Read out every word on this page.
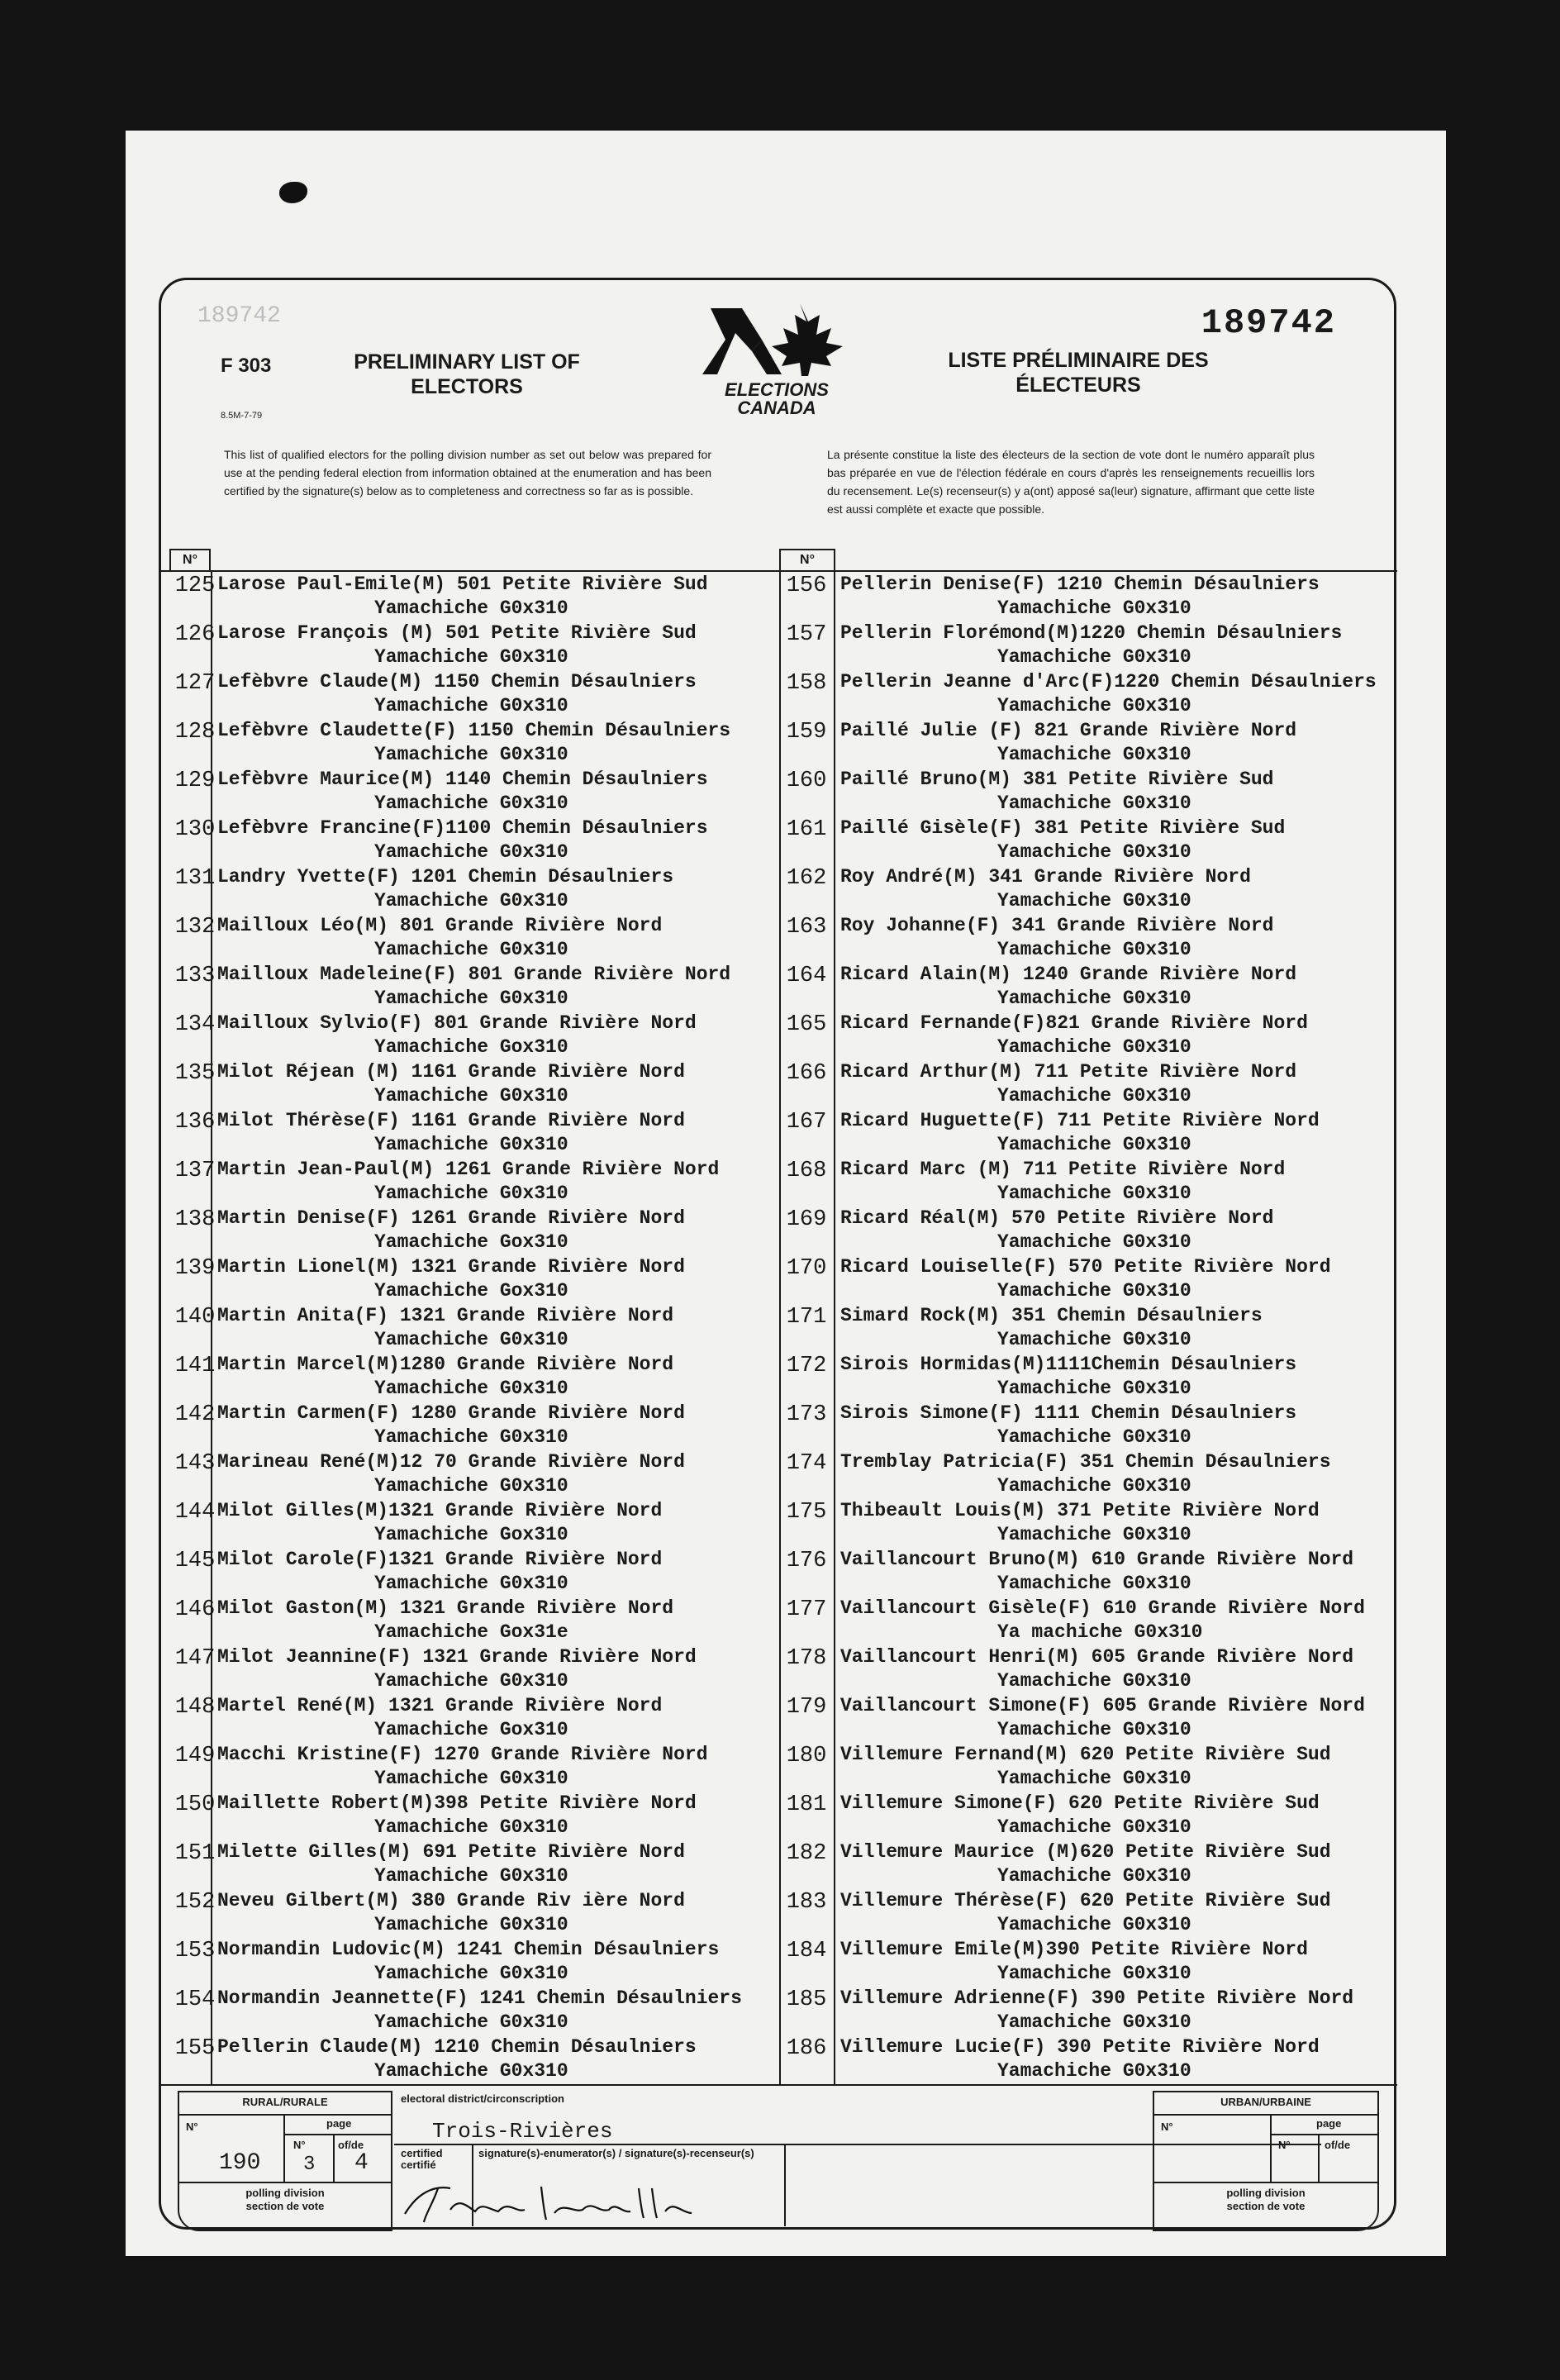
189742	189742
F 303
8.5M-7-79
PRELIMINARY LIST OF
ELECTORS	ELECTIONS
CANADA
LISTE PRÉLIMINAIRE DES
ÉLECTEURS
This list of qualified electors for the polling division number as set out below was prepared for use at the pending federal election from information obtained at the enumeration and has been certified by the signature(s) below as to completeness and correctness so far as is possible.
La présente constitue la liste des électeurs de la section de vote dont le numéro apparaît plus bas préparée en vue de l'élection fédérale en cours d'après les renseignements recueillis lors du recensement. Le(s) recenseur(s) y a(ont) apposé sa(leur) signature, affirmant que cette liste est aussi complète et exacte que possible.
N°	N°
125 Larose Paul-Emile(M) 501 Petite Rivière Sud
Yamachiche G0x310
126 Larose François (M) 501 Petite Rivière Sud
Yamachiche G0x310
127 Lefèbvre Claude(M) 1150 Chemin Désaulniers
Yamachiche G0x310
128 Lefèbvre Claudette(F) 1150 Chemin Désaulniers
Yamachiche G0x310
129 Lefèbvre Maurice(M) 1140 Chemin Désaulniers
Yamachiche G0x310
130 Lefèbvre Francine(F)1100 Chemin Désaulniers
Yamachiche G0x310
131 Landry Yvette(F) 1201 Chemin Désaulniers
Yamachiche G0x310
132 Mailloux Léo(M) 801 Grande Rivière Nord
Yamachiche G0x310
133 Mailloux Madeleine(F) 801 Grande Rivière Nord
Yamachiche G0x310
134 Mailloux Sylvio(F) 801 Grande Rivière Nord
Yamachiche Gox310
135 Milot Réjean (M) 1161 Grande Rivière Nord
Yamachiche G0x310
136 Milot Thérèse(F) 1161 Grande Rivière Nord
Yamachiche G0x310
137 Martin Jean-Paul(M) 1261 Grande Rivière Nord
Yamachiche G0x310
138 Martin Denise(F) 1261 Grande Rivière Nord
Yamachiche Gox310
139 Martin Lionel(M) 1321 Grande Rivière Nord
Yamachiche Gox310
140 Martin Anita(F) 1321 Grande Rivière Nord
Yamachiche G0x310
141 Martin Marcel(M)1280 Grande Rivière Nord
Yamachiche G0x310
142 Martin Carmen(F) 1280 Grande Rivière Nord
Yamachiche G0x310
143 Marineau René(M)12 70 Grande Rivière Nord
Yamachiche G0x310
144 Milot Gilles(M)1321 Grande Rivière Nord
Yamachiche Gox310
145 Milot Carole(F)1321 Grande Rivière Nord
Yamachiche G0x310
146 Milot Gaston(M) 1321 Grande Rivière Nord
Yamachiche Gox31e
147 Milot Jeannine(F) 1321 Grande Rivière Nord
Yamachiche G0x310
148 Martel René(M) 1321 Grande Rivière Nord
Yamachiche Gox310
149 Macchi Kristine(F) 1270 Grande Rivière Nord
Yamachiche G0x310
150 Maillette Robert(M)398 Petite Rivière Nord
Yamachiche G0x310
151 Milette Gilles(M) 691 Petite Rivière Nord
Yamachiche G0x310
152 Neveu Gilbert(M) 380 Grande Riv ière Nord
Yamachiche G0x310
153 Normandin Ludovic(M) 1241 Chemin Désaulniers
Yamachiche G0x310
154 Normandin Jeannette(F) 1241 Chemin Désaulniers
Yamachiche G0x310
155 Pellerin Claude(M) 1210 Chemin Désaulniers
Yamachiche G0x310
156 Pellerin Denise(F) 1210 Chemin Désaulniers
Yamachiche G0x310
157 Pellerin Florémond(M)1220 Chemin Désaulniers
Yamachiche G0x310
158 Pellerin Jeanne d'Arc(F)1220 Chemin Désaulniers
Yamachiche G0x310
159 Paillé Julie (F) 821 Grande Rivière Nord
Yamachiche G0x310
160 Paillé Bruno(M) 381 Petite Rivière Sud
Yamachiche G0x310
161 Paillé Gisèle(F) 381 Petite Rivière Sud
Yamachiche G0x310
162 Roy André(M) 341 Grande Rivière Nord
Yamachiche G0x310
163 Roy Johanne(F) 341 Grande Rivière Nord
Yamachiche G0x310
164 Ricard Alain(M) 1240 Grande Rivière Nord
Yamachiche G0x310
165 Ricard Fernande(F)821 Grande Rivière Nord
Yamachiche G0x310
166 Ricard Arthur(M) 711 Petite Rivière Nord
Yamachiche G0x310
167 Ricard Huguette(F) 711 Petite Rivière Nord
Yamachiche G0x310
168 Ricard Marc (M) 711 Petite Rivière Nord
Yamachiche G0x310
169 Ricard Réal(M) 570 Petite Rivière Nord
Yamachiche G0x310
170 Ricard Louiselle(F) 570 Petite Rivière Nord
Yamachiche G0x310
171 Simard Rock(M) 351 Chemin Désaulniers
Yamachiche G0x310
172 Sirois Hormidas(M)1111Chemin Désaulniers
Yamachiche G0x310
173 Sirois Simone(F) 1111 Chemin Désaulniers
Yamachiche G0x310
174 Tremblay Patricia(F) 351 Chemin Désaulniers
Yamachiche G0x310
175 Thibeault Louis(M) 371 Petite Rivière Nord
Yamachiche G0x310
176 Vaillancourt Bruno(M) 610 Grande Rivière Nord
Yamachiche G0x310
177 Vaillancourt Gisèle(F) 610 Grande Rivière Nord
Ya machiche G0x310
178 Vaillancourt Henri(M) 605 Grande Rivière Nord
Yamachiche G0x310
179 Vaillancourt Simone(F) 605 Grande Rivière Nord
Yamachiche G0x310
180 Villemure Fernand(M) 620 Petite Rivière Sud
Yamachiche G0x310
181 Villemure Simone(F) 620 Petite Rivière Sud
Yamachiche G0x310
182 Villemure Maurice (M)620 Petite Rivière Sud
Yamachiche G0x310
183 Villemure Thérèse(F) 620 Petite Rivière Sud
Yamachiche G0x310
184 Villemure Emile(M)390 Petite Rivière Nord
Yamachiche G0x310
185 Villemure Adrienne(F) 390 Petite Rivière Nord
Yamachiche G0x310
186 Villemure Lucie(F) 390 Petite Rivière Nord
Yamachiche G0x310
RURAL/RURALE
N°	page
N°	of/de
190 3 4
polling division
section de vote
electoral district/circonscription
Trois-Rivières
certified
certifié
signature(s)-enumerator(s) / signature(s)-recenseur(s)
URBAN/URBAINE
N°	page
N°	of/de
polling division
section de vote
